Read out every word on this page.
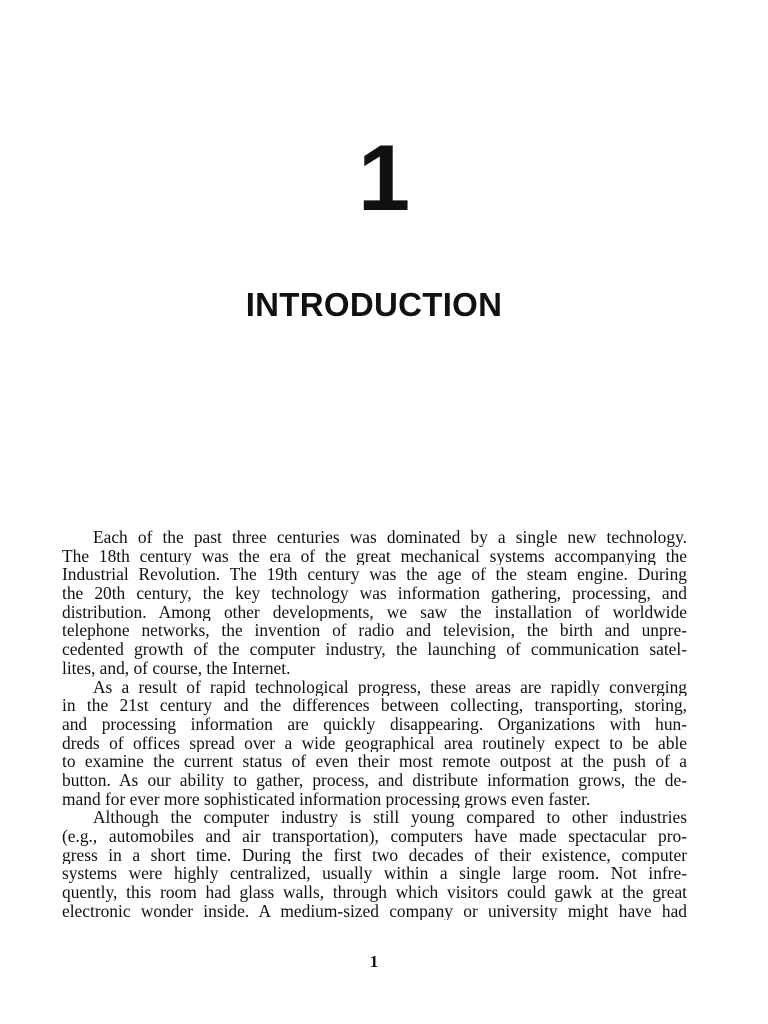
1
INTRODUCTION
Each of the past three centuries was dominated by a single new technology.
The 18th century was the era of the great mechanical systems accompanying the
Industrial Revolution. The 19th century was the age of the steam engine. During
the 20th century, the key technology was information gathering, processing, and
distribution. Among other developments, we saw the installation of worldwide
telephone networks, the invention of radio and television, the birth and unpre-
cedented growth of the computer industry, the launching of communication satel-
lites, and, of course, the Internet.
As a result of rapid technological progress, these areas are rapidly converging
in the 21st century and the differences between collecting, transporting, storing,
and processing information are quickly disappearing. Organizations with hun-
dreds of offices spread over a wide geographical area routinely expect to be able
to examine the current status of even their most remote outpost at the push of a
button. As our ability to gather, process, and distribute information grows, the de-
mand for ever more sophisticated information processing grows even faster.
Although the computer industry is still young compared to other industries
(e.g., automobiles and air transportation), computers have made spectacular pro-
gress in a short time. During the first two decades of their existence, computer
systems were highly centralized, usually within a single large room. Not infre-
quently, this room had glass walls, through which visitors could gawk at the great
electronic wonder inside. A medium-sized company or university might have had
1
